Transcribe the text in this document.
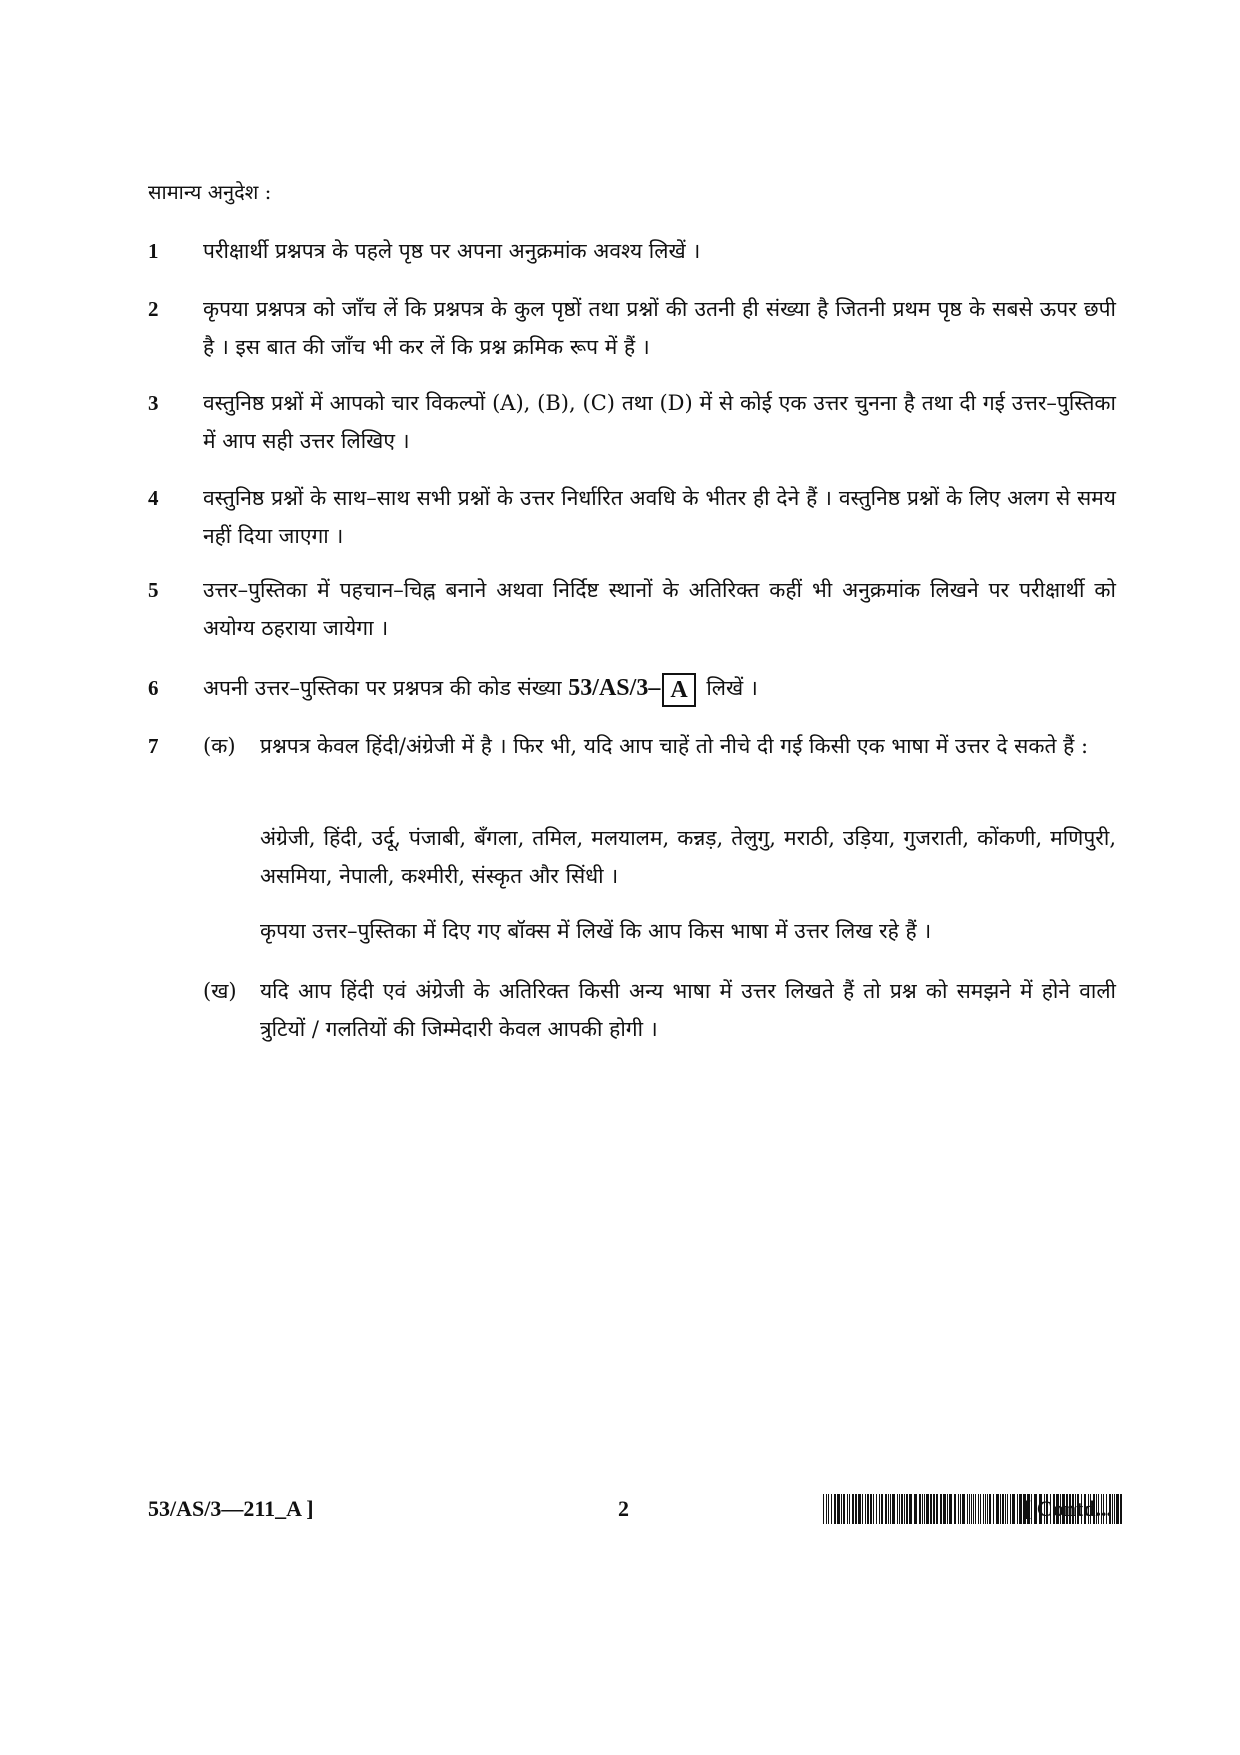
सामान्य अनुदेश :

1 परीक्षार्थी प्रश्नपत्र के पहले पृष्ठ पर अपना अनुक्रमांक अवश्य लिखें ।
2 कृपया प्रश्नपत्र को जाँच लें कि प्रश्नपत्र के कुल पृष्ठों तथा प्रश्नों की उतनी ही संख्या है जितनी प्रथम पृष्ठ के सबसे ऊपर छपी है । इस बात की जाँच भी कर लें कि प्रश्न क्रमिक रूप में हैं ।
3 वस्तुनिष्ठ प्रश्नों में आपको चार विकल्पों (A), (B), (C) तथा (D) में से कोई एक उत्तर चुनना है तथा दी गई उत्तर–पुस्तिका में आप सही उत्तर लिखिए ।
4 वस्तुनिष्ठ प्रश्नों के साथ–साथ सभी प्रश्नों के उत्तर निर्धारित अवधि के भीतर ही देने हैं । वस्तुनिष्ठ प्रश्नों के लिए अलग से समय नहीं दिया जाएगा ।
5 उत्तर–पुस्तिका में पहचान–चिह्न बनाने अथवा निर्दिष्ट स्थानों के अतिरिक्त कहीं भी अनुक्रमांक लिखने पर परीक्षार्थी को अयोग्य ठहराया जायेगा ।
6 अपनी उत्तर–पुस्तिका पर प्रश्नपत्र की कोड संख्या 53/AS/3– A लिखें ।
7 (क) प्रश्नपत्र केवल हिंदी/अंग्रेजी में है । फिर भी, यदि आप चाहें तो नीचे दी गई किसी एक भाषा में उत्तर दे सकते हैं :
अंग्रेजी, हिंदी, उर्दू, पंजाबी, बँगला, तमिल, मलयालम, कन्नड़, तेलुगु, मराठी, उड़िया, गुजराती, कोंकणी, मणिपुरी, असमिया, नेपाली, कश्मीरी, संस्कृत और सिंधी ।
कृपया उत्तर–पुस्तिका में दिए गए बॉक्स में लिखें कि आप किस भाषा में उत्तर लिख रहे हैं ।
(ख) यदि आप हिंदी एवं अंग्रेजी के अतिरिक्त किसी अन्य भाषा में उत्तर लिखते हैं तो प्रश्न को समझने में होने वाली त्रुटियों / गलतियों की जिम्मेदारी केवल आपकी होगी ।
53/AS/3—211_A ]	2	[ Contd...
